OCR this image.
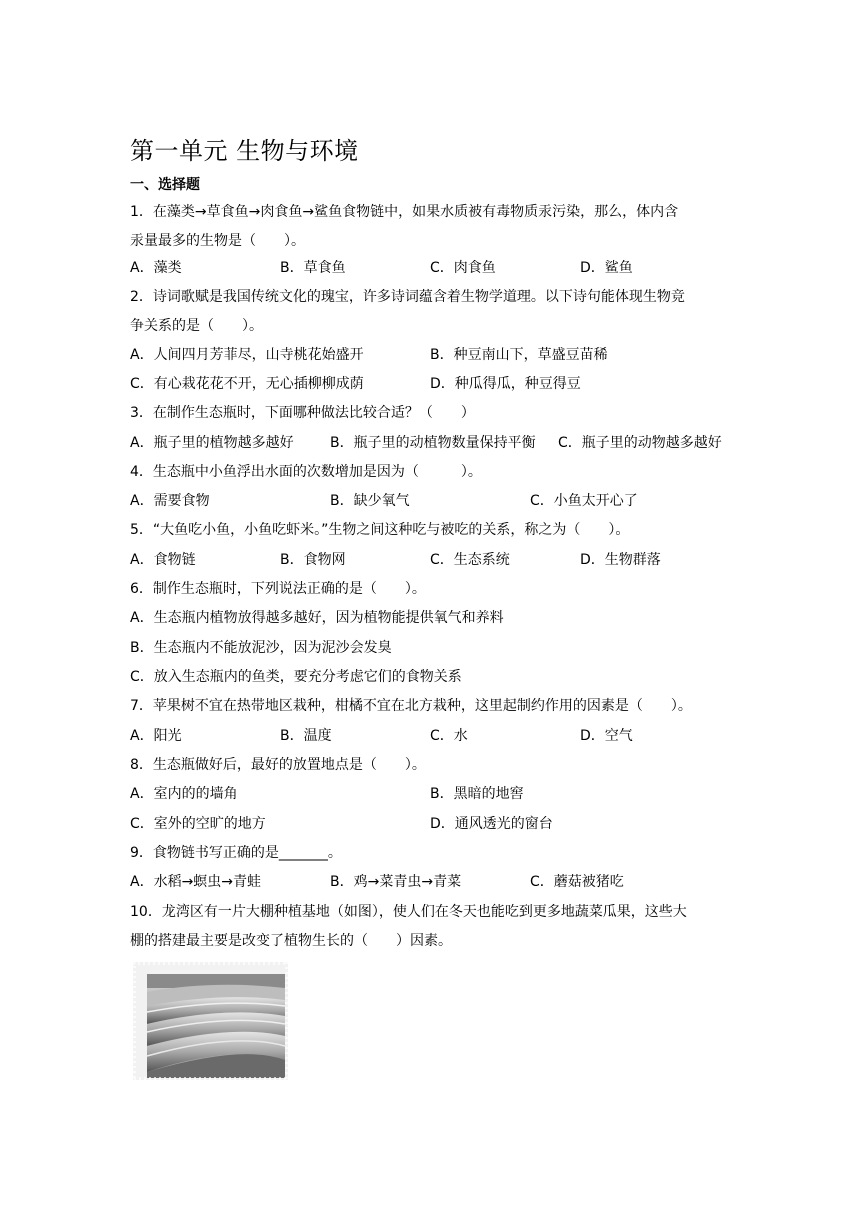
第一单元 生物与环境
一、选择题
1．在藻类→草食鱼→肉食鱼→鲨鱼食物链中，如果水质被有毒物质汞污染，那么，体内含
汞量最多的生物是（　　）。
A．藻类	B．草食鱼	C．肉食鱼	D．鲨鱼
2．诗词歌赋是我国传统文化的瑰宝，许多诗词蕴含着生物学道理。以下诗句能体现生物竞
争关系的是（　　）。
A．人间四月芳菲尽，山寺桃花始盛开	B．种豆南山下，草盛豆苗稀
C．有心栽花花不开，无心插柳柳成荫	D．种瓜得瓜，种豆得豆
3．在制作生态瓶时，下面哪种做法比较合适？（　　）
A．瓶子里的植物越多越好	B．瓶子里的动植物数量保持平衡 C．瓶子里的动物越多越好
4．生态瓶中小鱼浮出水面的次数增加是因为（　　　）。
A．需要食物	B．缺少氧气	C．小鱼太开心了
5．“大鱼吃小鱼，小鱼吃虾米。”生物之间这种吃与被吃的关系，称之为（　　）。
A．食物链	B．食物网	C．生态系统	D．生物群落
6．制作生态瓶时，下列说法正确的是（　　）。
A．生态瓶内植物放得越多越好，因为植物能提供氧气和养料
B．生态瓶内不能放泥沙，因为泥沙会发臭
C．放入生态瓶内的鱼类，要充分考虑它们的食物关系
7．苹果树不宜在热带地区栽种，柑橘不宜在北方栽种，这里起制约作用的因素是（　　）。
A．阳光	B．温度	C．水	D．空气
8．生态瓶做好后，最好的放置地点是（　　）。
A．室内的的墙角	B．黑暗的地窖
C．室外的空旷的地方	D．通风透光的窗台
9．食物链书写正确的是_______。
A．水稻→螟虫→青蛙	B．鸡→菜青虫→青菜	C．蘑菇被猪吃
10．龙湾区有一片大棚种植基地（如图），使人们在冬天也能吃到更多地蔬菜瓜果，这些大
棚的搭建最主要是改变了植物生长的（　　）因素。
